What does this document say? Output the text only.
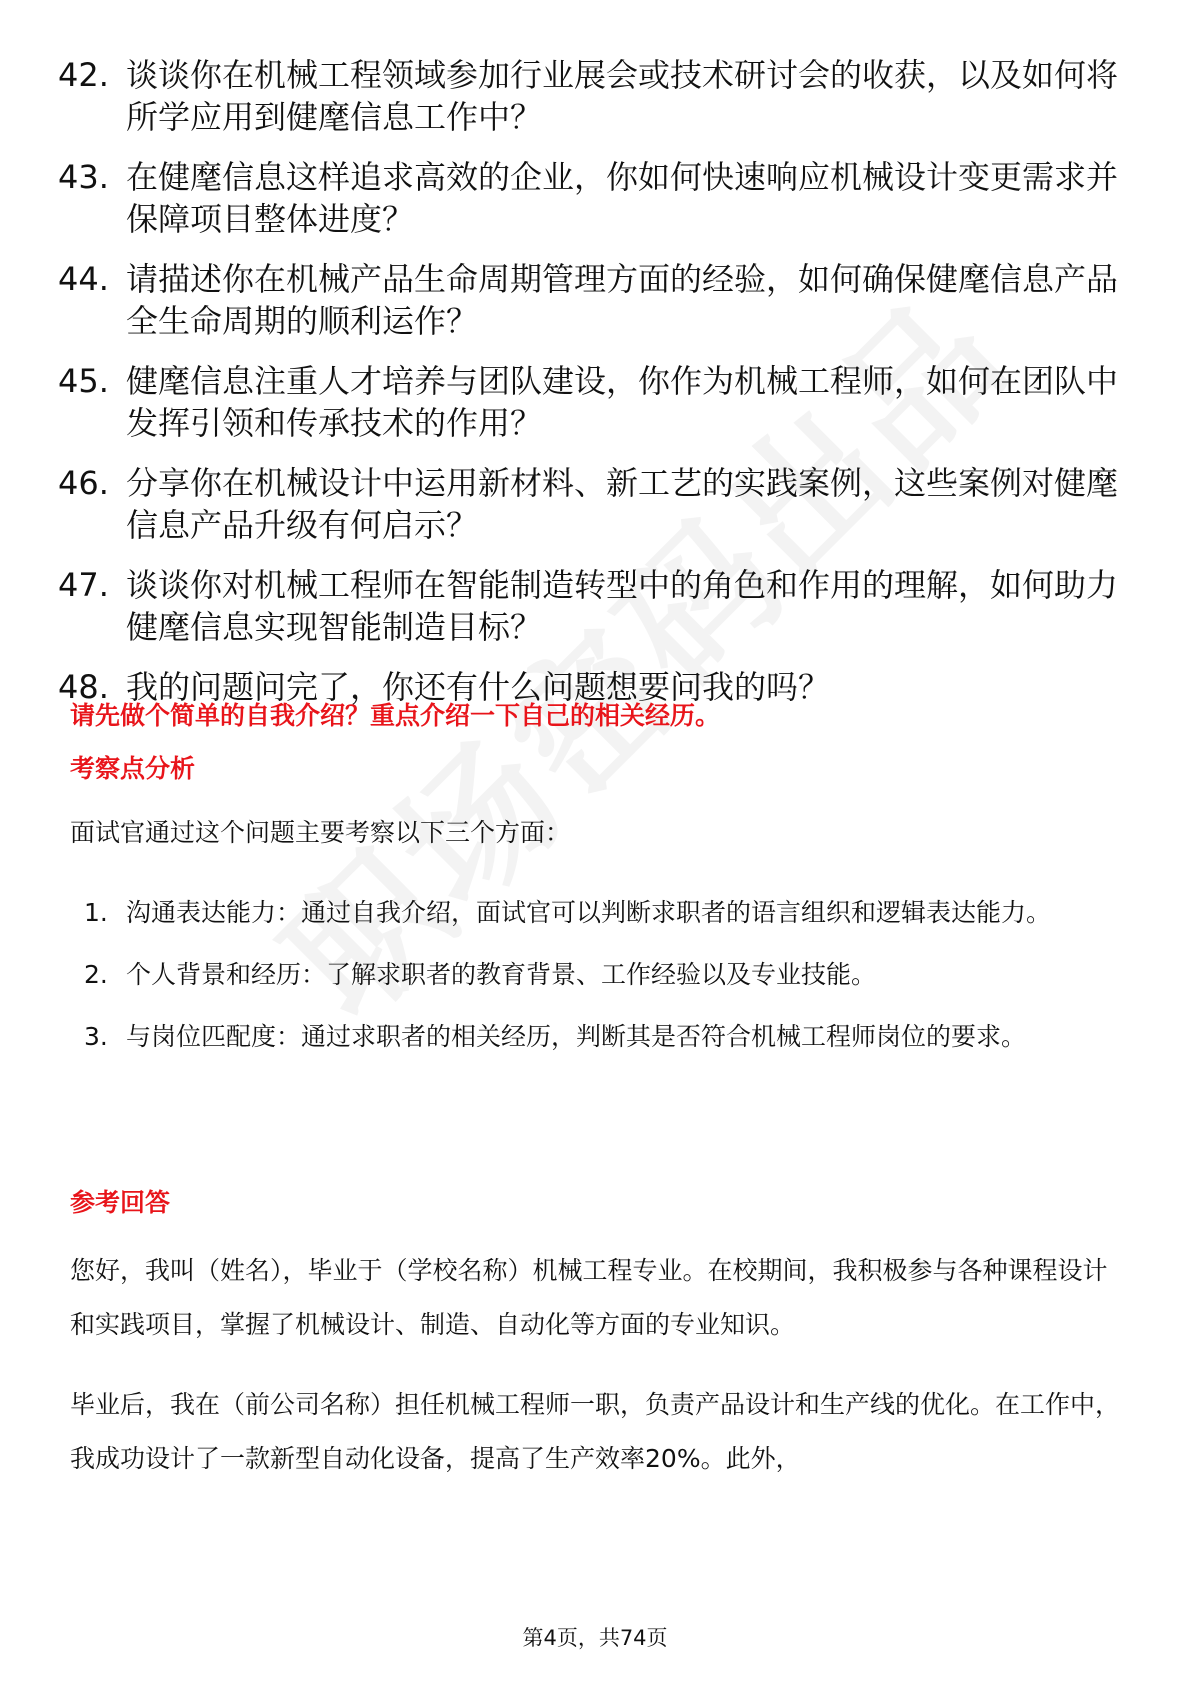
42. 谈谈你在机械工程领域参加行业展会或技术研讨会的收获，以及如何将所学应用到健麾信息工作中？
43. 在健麾信息这样追求高效的企业，你如何快速响应机械设计变更需求并保障项目整体进度？
44. 请描述你在机械产品生命周期管理方面的经验，如何确保健麾信息产品全生命周期的顺利运作？
45. 健麾信息注重人才培养与团队建设，你作为机械工程师，如何在团队中发挥引领和传承技术的作用？
46. 分享你在机械设计中运用新材料、新工艺的实践案例，这些案例对健麾信息产品升级有何启示？
47. 谈谈你对机械工程师在智能制造转型中的角色和作用的理解，如何助力健麾信息实现智能制造目标？
48. 我的问题问完了，你还有什么问题想要问我的吗？

请先做个简单的自我介绍？重点介绍一下自己的相关经历。

考察点分析

面试官通过这个问题主要考察以下三个方面：

1. 沟通表达能力：通过自我介绍，面试官可以判断求职者的语言组织和逻辑表达能力。
2. 个人背景和经历：了解求职者的教育背景、工作经验以及专业技能。
3. 与岗位匹配度：通过求职者的相关经历，判断其是否符合机械工程师岗位的要求。

参考回答

您好，我叫（姓名），毕业于（学校名称）机械工程专业。在校期间，我积极参与各种课程设计和实践项目，掌握了机械设计、制造、自动化等方面的专业知识。

毕业后，我在（前公司名称）担任机械工程师一职，负责产品设计和生产线的优化。在工作中，我成功设计了一款新型自动化设备，提高了生产效率20%。此外，

第4页，共74页
